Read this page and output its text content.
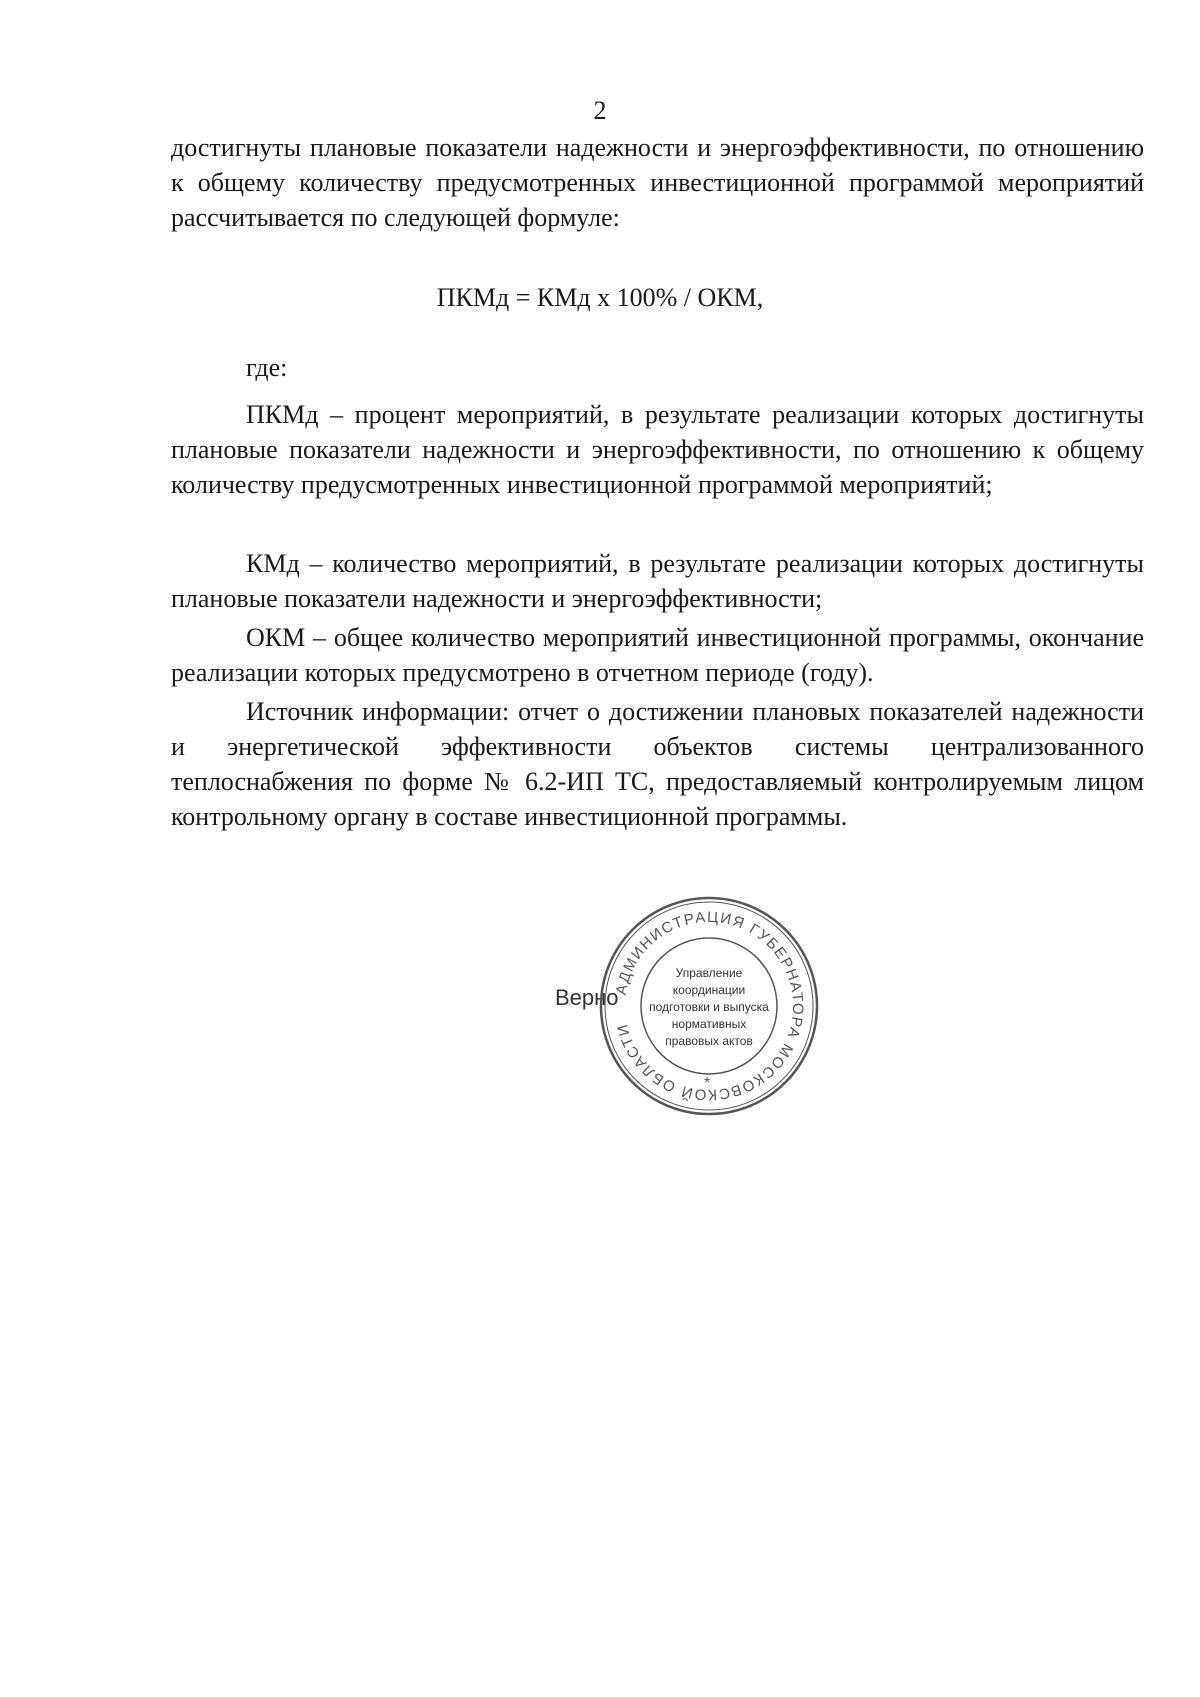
2

достигнуты плановые показатели надежности и энергоэффективности, по отношению к общему количеству предусмотренных инвестиционной программой мероприятий рассчитывается по следующей формуле:

ПКМд = КМд х 100% / ОКМ,

где:

ПКМд – процент мероприятий, в результате реализации которых достигнуты плановые показатели надежности и энергоэффективности, по отношению к общему количеству предусмотренных инвестиционной программой мероприятий;

КМд – количество мероприятий, в результате реализации которых достигнуты плановые показатели надежности и энергоэффективности;

ОКМ – общее количество мероприятий инвестиционной программы, окончание реализации которых предусмотрено в отчетном периоде (году).

Источник информации: отчет о достижении плановых показателей надежности и энергетической эффективности объектов системы централизованного теплоснабжения по форме № 6.2-ИП ТС, предоставляемый контролируемым лицом контрольному органу в составе инвестиционной программы.

Верно

АДМИНИСТРАЦИЯ ГУБЕРНАТОРА МОСКОВСКОЙ ОБЛАСТИ
*
Управление
координации
подготовки и выпуска
нормативных
правовых актов
